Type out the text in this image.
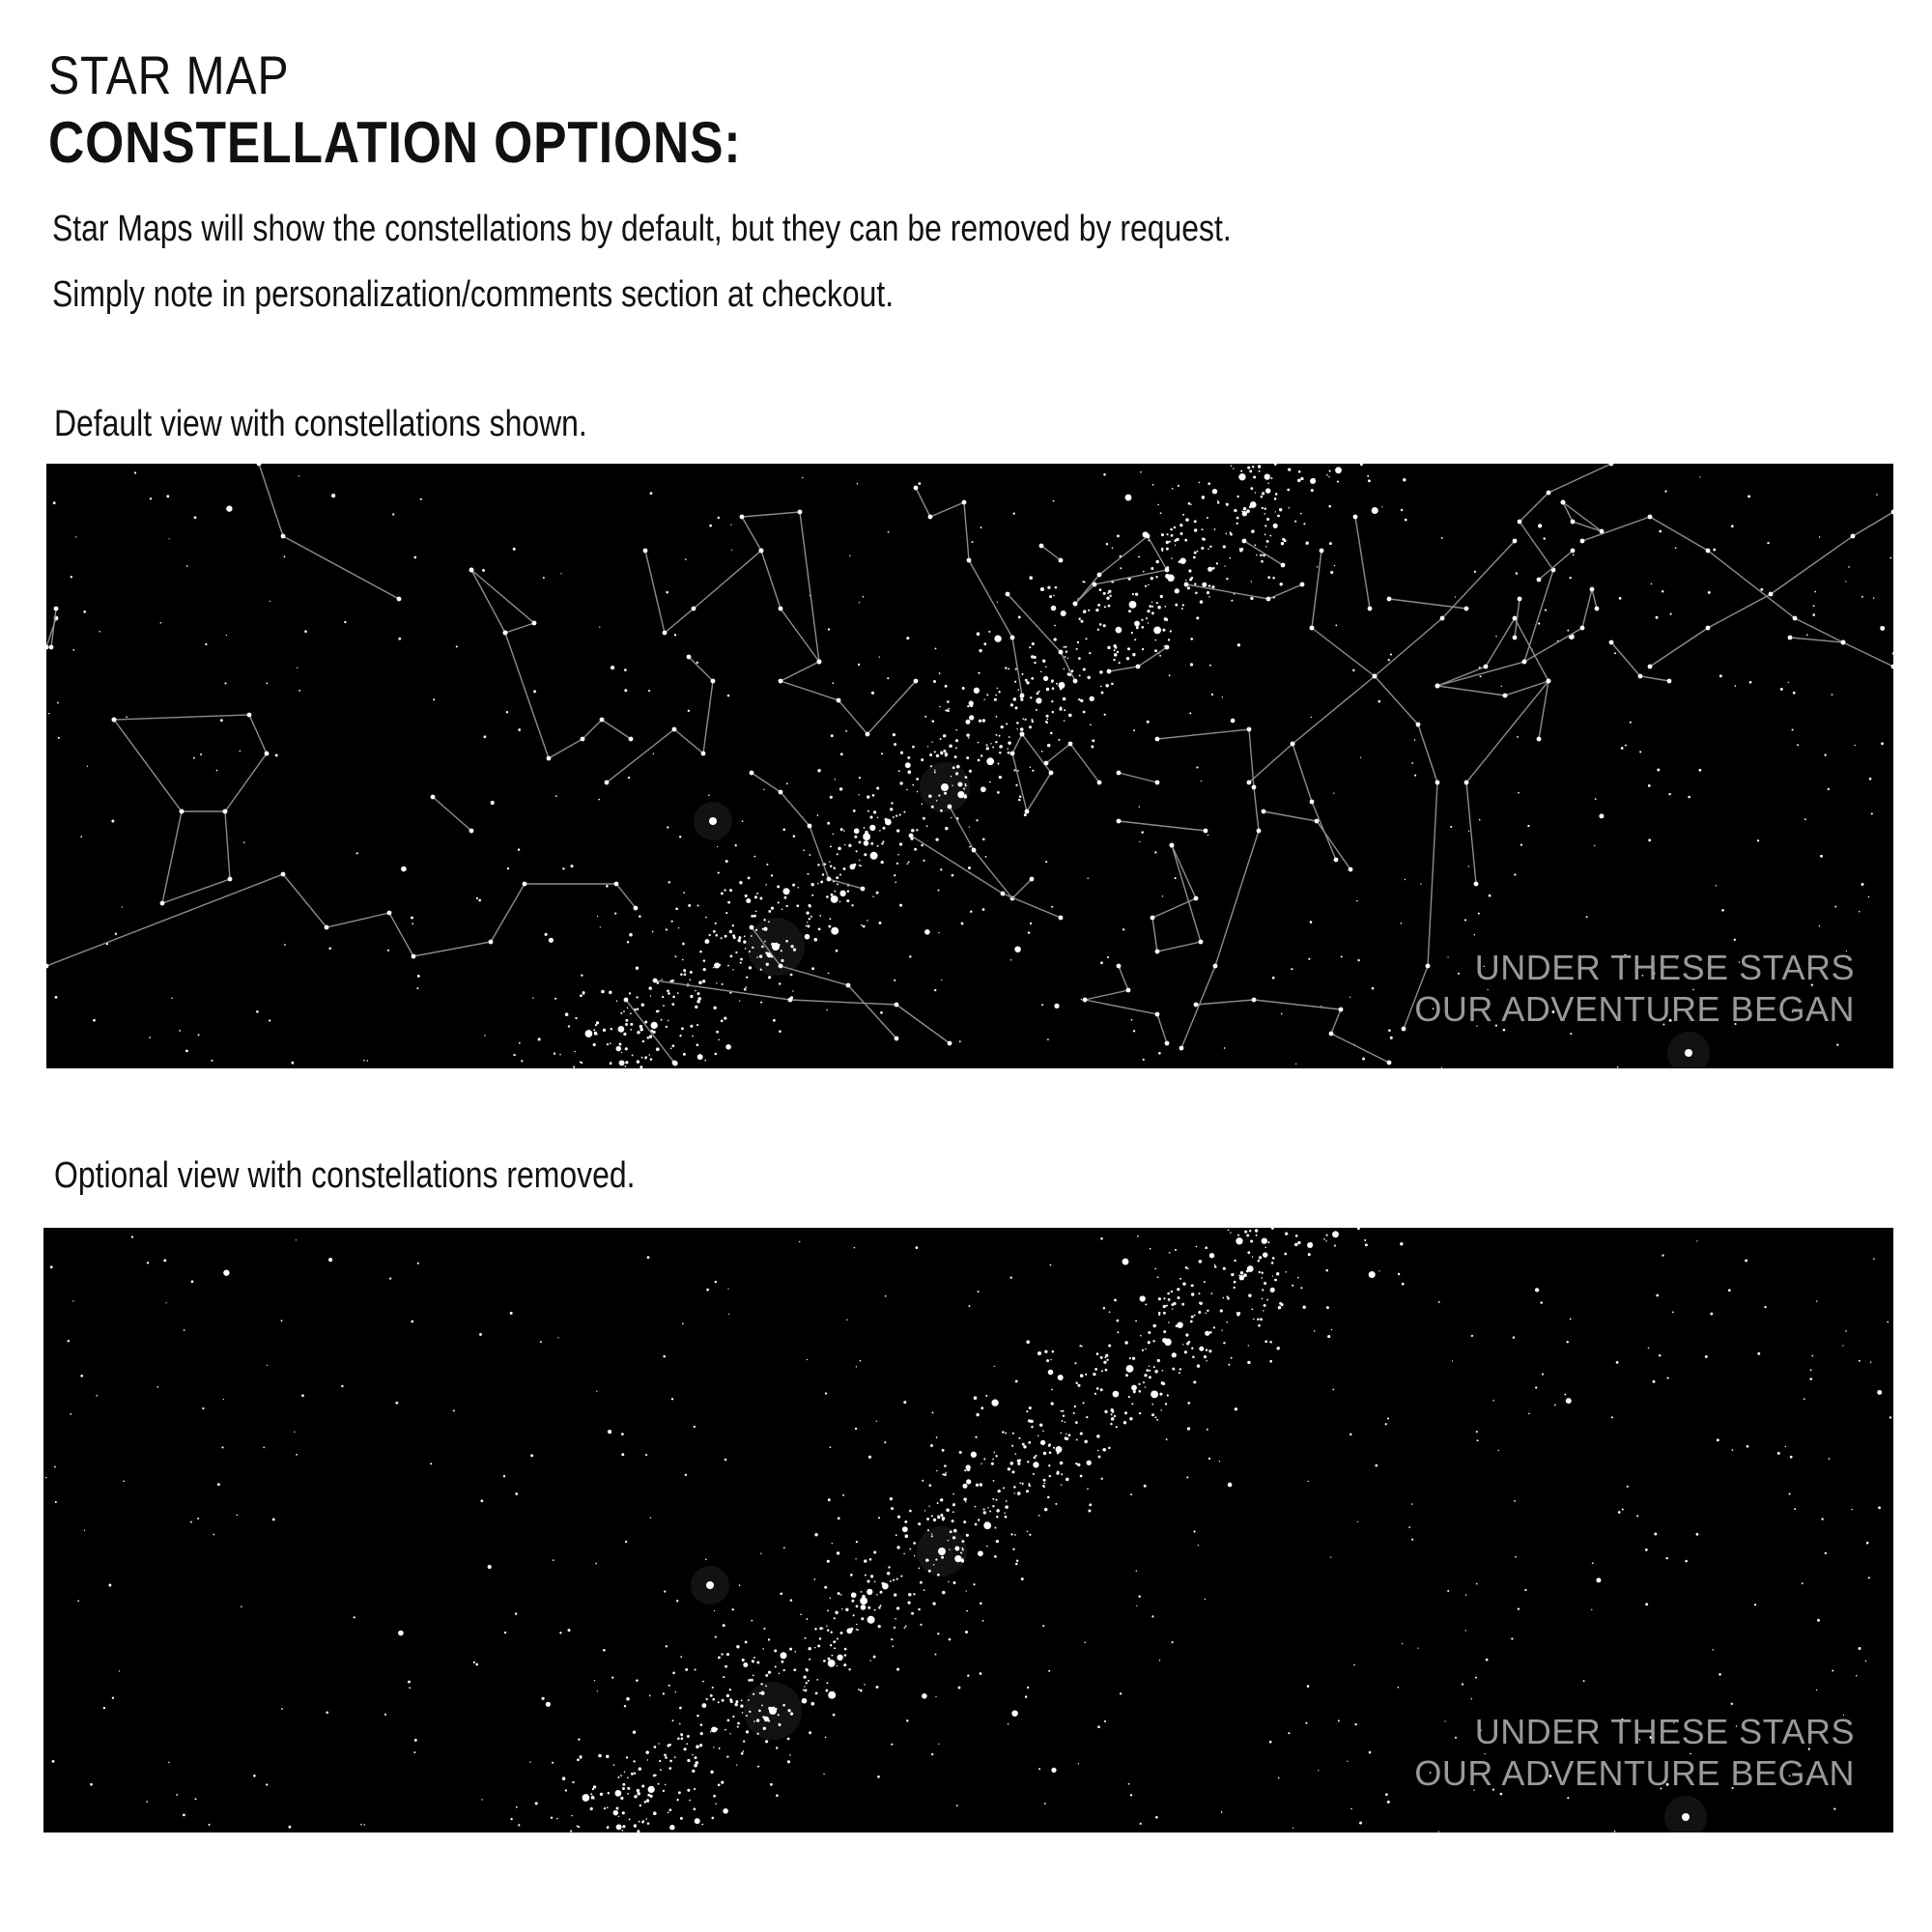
STAR MAP
CONSTELLATION OPTIONS:
Star Maps will show the constellations by default, but they can be removed by request.
Simply note in personalization/comments section at checkout.
Default view with constellations shown.
UNDER THESE STARS
OUR ADVENTURE BEGAN
Optional view with constellations removed.
UNDER THESE STARS
OUR ADVENTURE BEGAN
